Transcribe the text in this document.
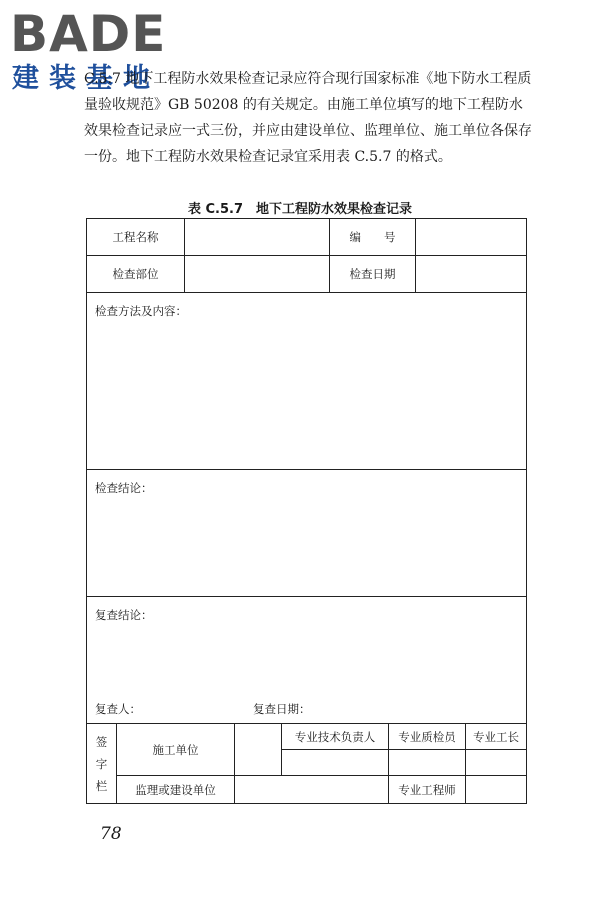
BADE
建装基地

C.5.7 地下工程防水效果检查记录应符合现行国家标准《地下防水工程质量验收规范》GB 50208 的有关规定。由施工单位填写的地下工程防水效果检查记录应一式三份，并应由建设单位、监理单位、施工单位各保存一份。地下工程防水效果检查记录宜采用表 C.5.7 的格式。

表 C.5.7　地下工程防水效果检查记录
工程名称					编　　号			
检查部位					检查日期			

检查方法及内容：								

检查结论：								

复查结论：
复查人： 复查日期：								

签字栏	施工单位			专业技术负责人		专业质检员		专业工长

	监理或建设单位					专业工程师		
78
